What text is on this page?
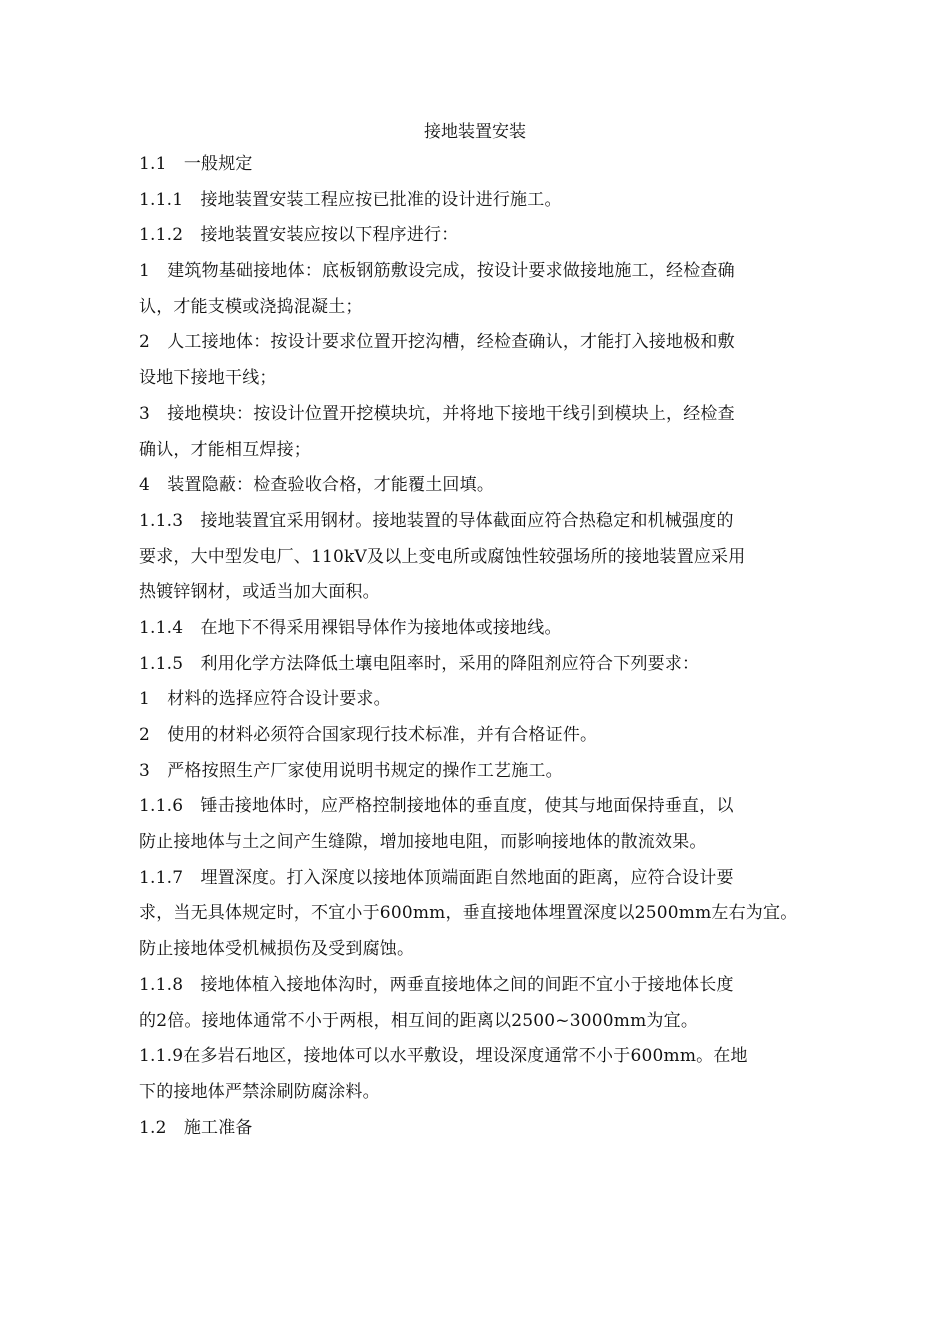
接地装置安装
1.1　一般规定
1.1.1　接地装置安装工程应按已批准的设计进行施工。
1.1.2　接地装置安装应按以下程序进行：
1　建筑物基础接地体：底板钢筋敷设完成，按设计要求做接地施工，经检查确
认，才能支模或浇捣混凝土；
2　人工接地体：按设计要求位置开挖沟槽，经检查确认，才能打入接地极和敷
设地下接地干线；
3　接地模块：按设计位置开挖模块坑，并将地下接地干线引到模块上，经检查
确认，才能相互焊接；
4　装置隐蔽：检查验收合格，才能覆土回填。
1.1.3　接地装置宜采用钢材。接地装置的导体截面应符合热稳定和机械强度的
要求，大中型发电厂、110kV及以上变电所或腐蚀性较强场所的接地装置应采用
热镀锌钢材，或适当加大面积。
1.1.4　在地下不得采用裸铝导体作为接地体或接地线。
1.1.5　利用化学方法降低土壤电阻率时，采用的降阻剂应符合下列要求：
1　材料的选择应符合设计要求。
2　使用的材料必须符合国家现行技术标准，并有合格证件。
3　严格按照生产厂家使用说明书规定的操作工艺施工。
1.1.6　锤击接地体时，应严格控制接地体的垂直度，使其与地面保持垂直，以
防止接地体与土之间产生缝隙，增加接地电阻，而影响接地体的散流效果。
1.1.7　埋置深度。打入深度以接地体顶端面距自然地面的距离，应符合设计要
求，当无具体规定时，不宜小于600mm，垂直接地体埋置深度以2500mm左右为宜。
防止接地体受机械损伤及受到腐蚀。
1.1.8　接地体植入接地体沟时，两垂直接地体之间的间距不宜小于接地体长度
的2倍。接地体通常不小于两根，相互间的距离以2500~3000mm为宜。
1.1.9在多岩石地区，接地体可以水平敷设，埋设深度通常不小于600mm。在地
下的接地体严禁涂刷防腐涂料。
1.2　施工准备
